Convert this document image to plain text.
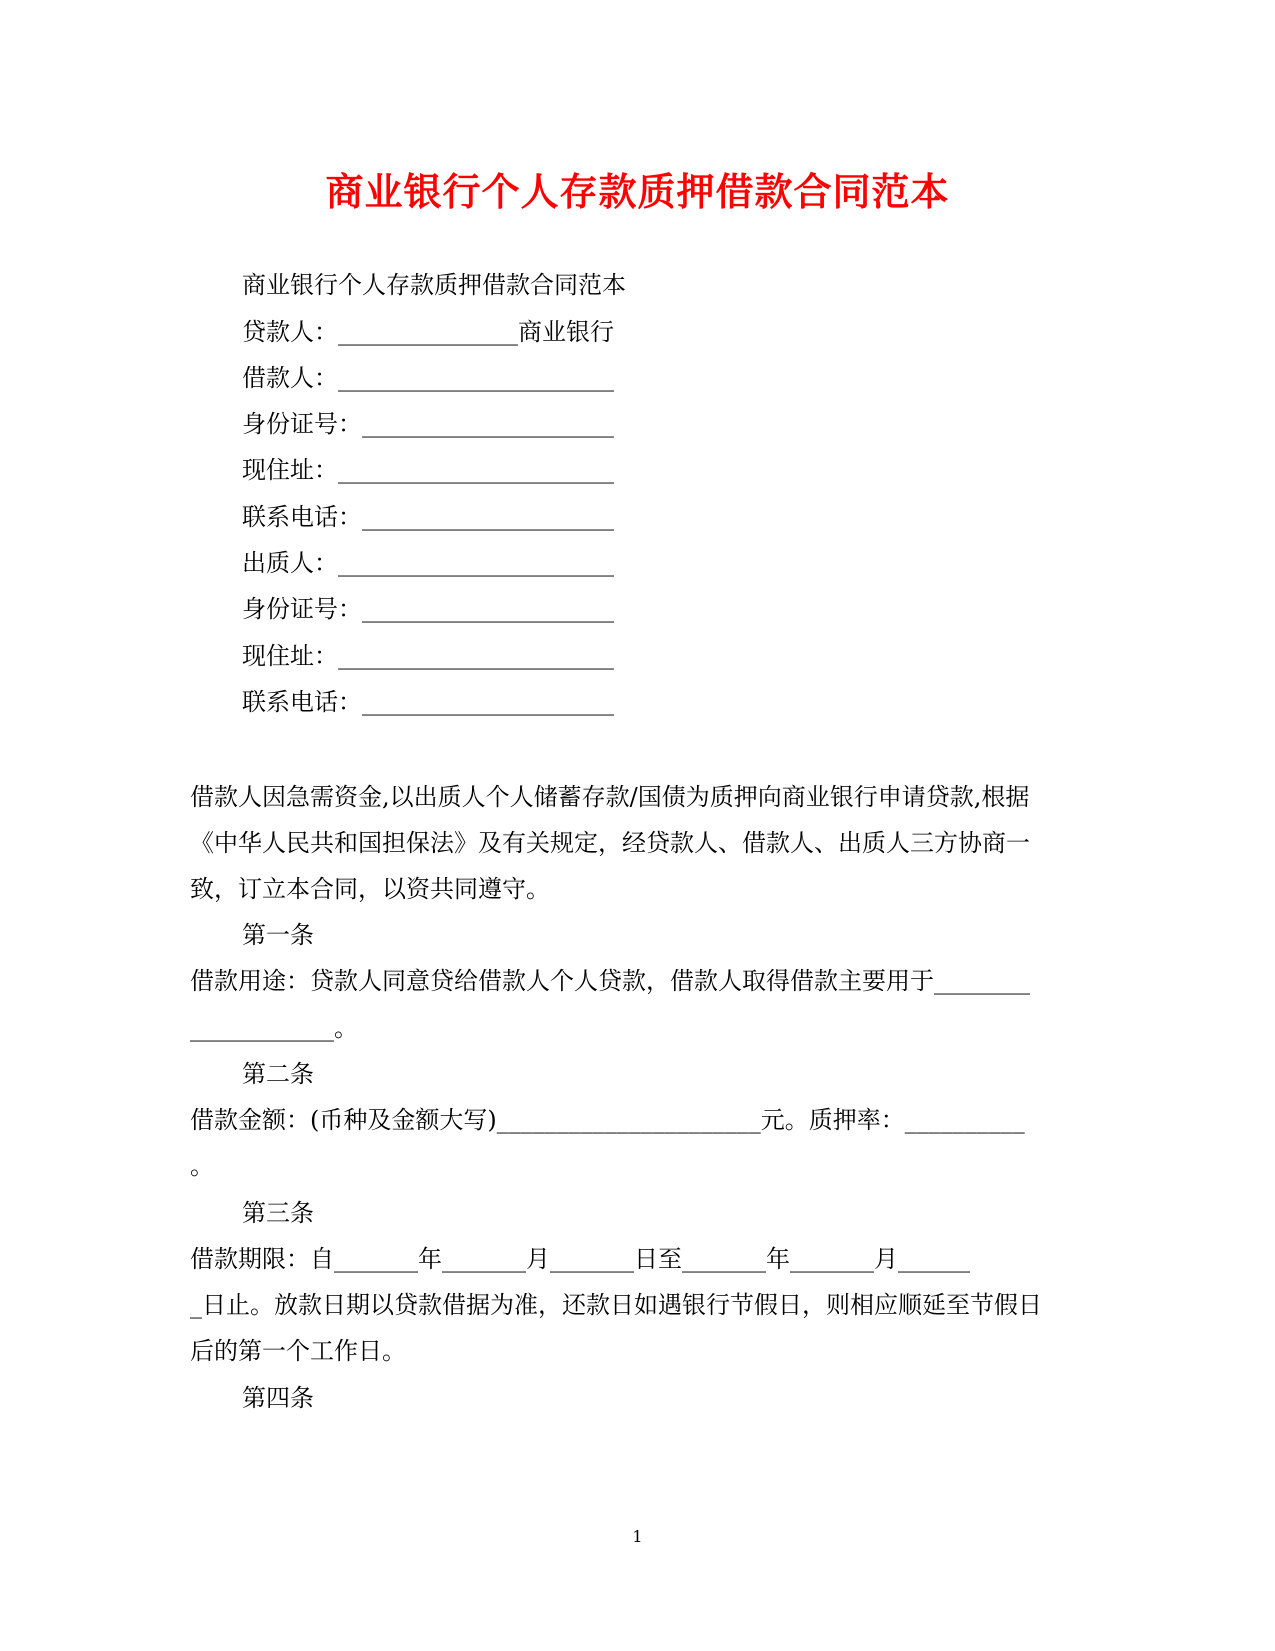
商业银行个人存款质押借款合同范本

商业银行个人存款质押借款合同范本

贷款人：_______________商业银行

借款人：_______________________

身份证号：_____________________

现住址：_______________________

联系电话：_____________________

出质人：_______________________

身份证号：_____________________

现住址：_______________________

联系电话：_____________________

借款人因急需资金,以出质人个人储蓄存款/国债为质押向商业银行申请贷款,根据

《中华人民共和国担保法》及有关规定，经贷款人、借款人、出质人三方协商一

致，订立本合同，以资共同遵守。

第一条

借款用途：贷款人同意贷给借款人个人贷款，借款人取得借款主要用于________

____________。

第二条

借款金额：(币种及金额大写)______________________元。质押率：__________

。

第三条

借款期限：自_______年_______月_______日至_______年_______月______

_日止。放款日期以贷款借据为准，还款日如遇银行节假日，则相应顺延至节假日

后的第一个工作日。

第四条

1
